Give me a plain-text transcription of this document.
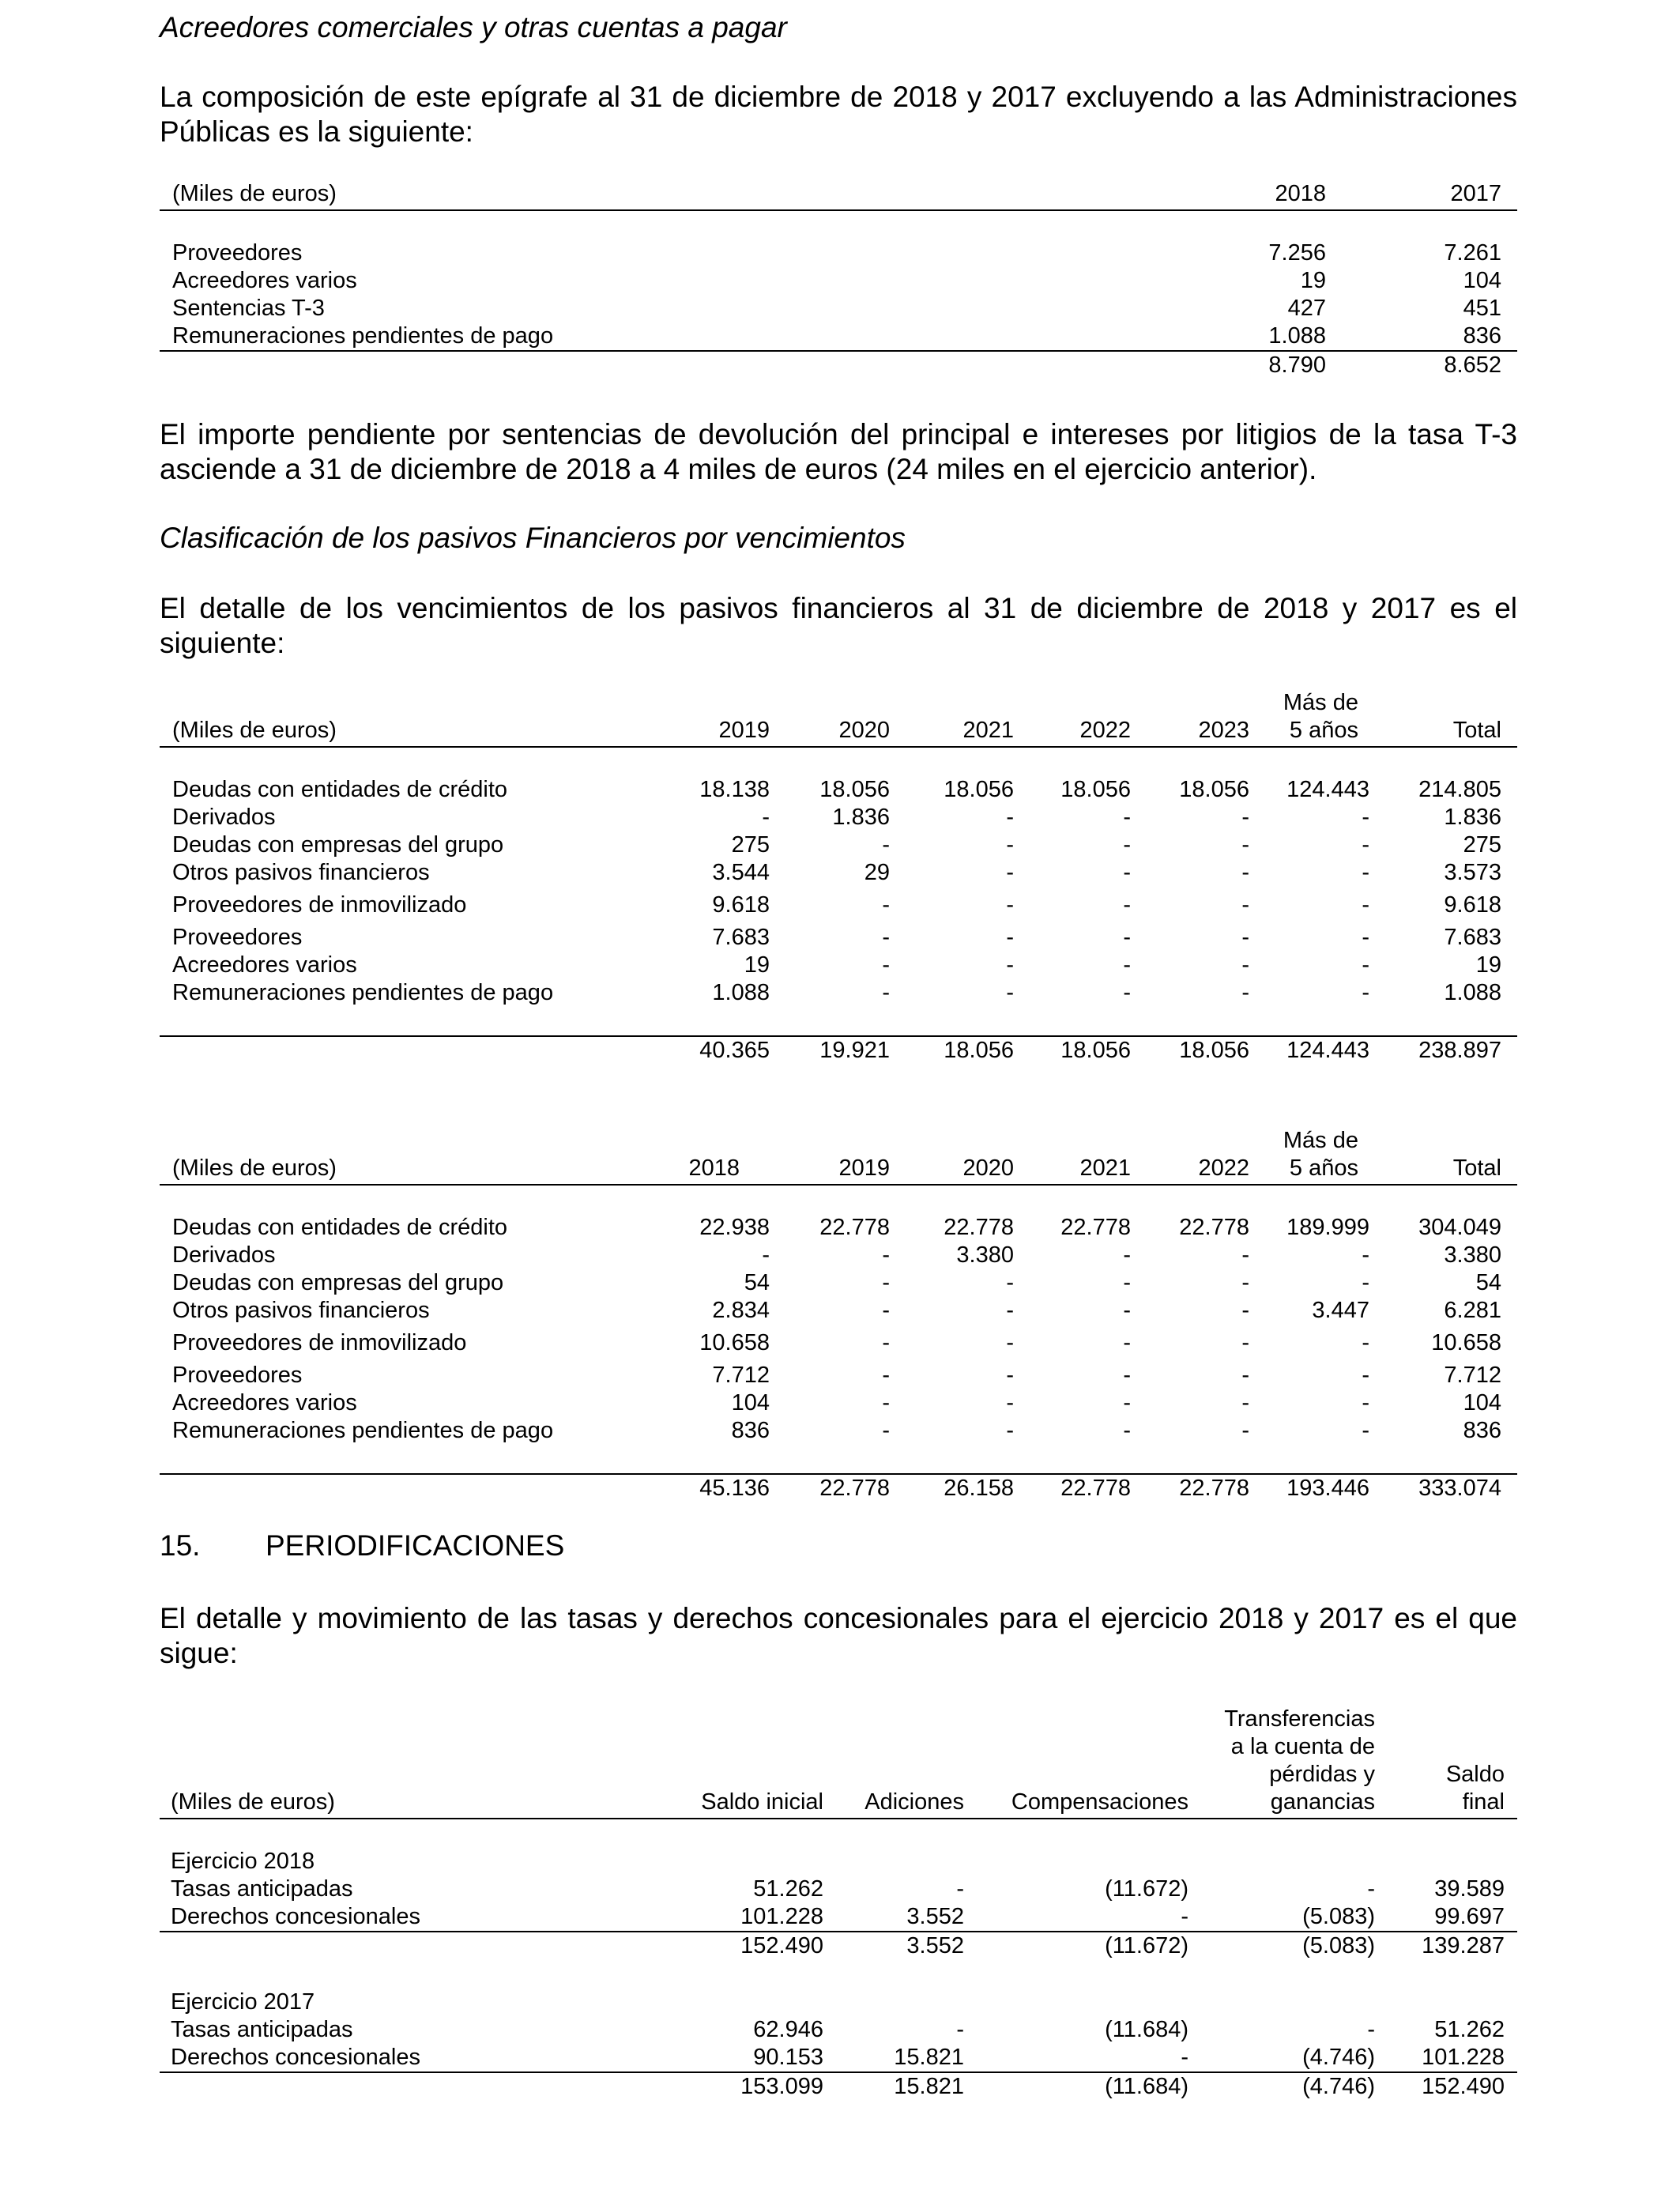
Acreedores comerciales y otras cuentas a pagar
La composición de este epígrafe al 31 de diciembre de 2018 y 2017 excluyendo a las Administraciones Públicas es la siguiente:
(Miles de euros)	2018	2017

Proveedores	7.256	7.261
Acreedores varios	19	104
Sentencias T-3	427	451
Remuneraciones pendientes de pago	1.088	836
	8.790	8.652
El importe pendiente por sentencias de devolución del principal e intereses por litigios de la tasa T-3 asciende a 31 de diciembre de 2018 a 4 miles de euros (24 miles en el ejercicio anterior).
Clasificación de los pasivos Financieros por vencimientos
El detalle de los vencimientos de los pasivos financieros al 31 de diciembre de 2018 y 2017 es el siguiente:
						Más de	
(Miles de euros)	2019	2020	2021	2022	2023	5 años	Total

Deudas con entidades de crédito	18.138	18.056	18.056	18.056	18.056	124.443	214.805
Derivados	-	1.836	-	-	-	-	1.836
Deudas con empresas del grupo	275	-	-	-	-	-	275
Otros pasivos financieros	3.544	29	-	-	-	-	3.573
Proveedores de inmovilizado	9.618	-	-	-	-	-	9.618
Proveedores	7.683	-	-	-	-	-	7.683
Acreedores varios	19	-	-	-	-	-	19
Remuneraciones pendientes de pago	1.088	-	-	-	-	-	1.088

	40.365	19.921	18.056	18.056	18.056	124.443	238.897
						Más de	
(Miles de euros)	2018	2019	2020	2021	2022	5 años	Total

Deudas con entidades de crédito	22.938	22.778	22.778	22.778	22.778	189.999	304.049
Derivados	-	-	3.380	-	-	-	3.380
Deudas con empresas del grupo	54	-	-	-	-	-	54
Otros pasivos financieros	2.834	-	-	-	-	3.447	6.281
Proveedores de inmovilizado	10.658	-	-	-	-	-	10.658
Proveedores	7.712	-	-	-	-	-	7.712
Acreedores varios	104	-	-	-	-	-	104
Remuneraciones pendientes de pago	836	-	-	-	-	-	836

	45.136	22.778	26.158	22.778	22.778	193.446	333.074
15. PERIODIFICACIONES
El detalle y movimiento de las tasas y derechos concesionales para el ejercicio 2018 y 2017 es el que sigue:
				Transferencias	
				a la cuenta de	
				pérdidas y	Saldo
(Miles de euros)	Saldo inicial	Adiciones	Compensaciones	ganancias	final

Ejercicio 2018					
Tasas anticipadas	51.262	-	(11.672)	-	39.589
Derechos concesionales	101.228	3.552	-	(5.083)	99.697
	152.490	3.552	(11.672)	(5.083)	139.287

Ejercicio 2017					
Tasas anticipadas	62.946	-	(11.684)	-	51.262
Derechos concesionales	90.153	15.821	-	(4.746)	101.228
	153.099	15.821	(11.684)	(4.746)	152.490
